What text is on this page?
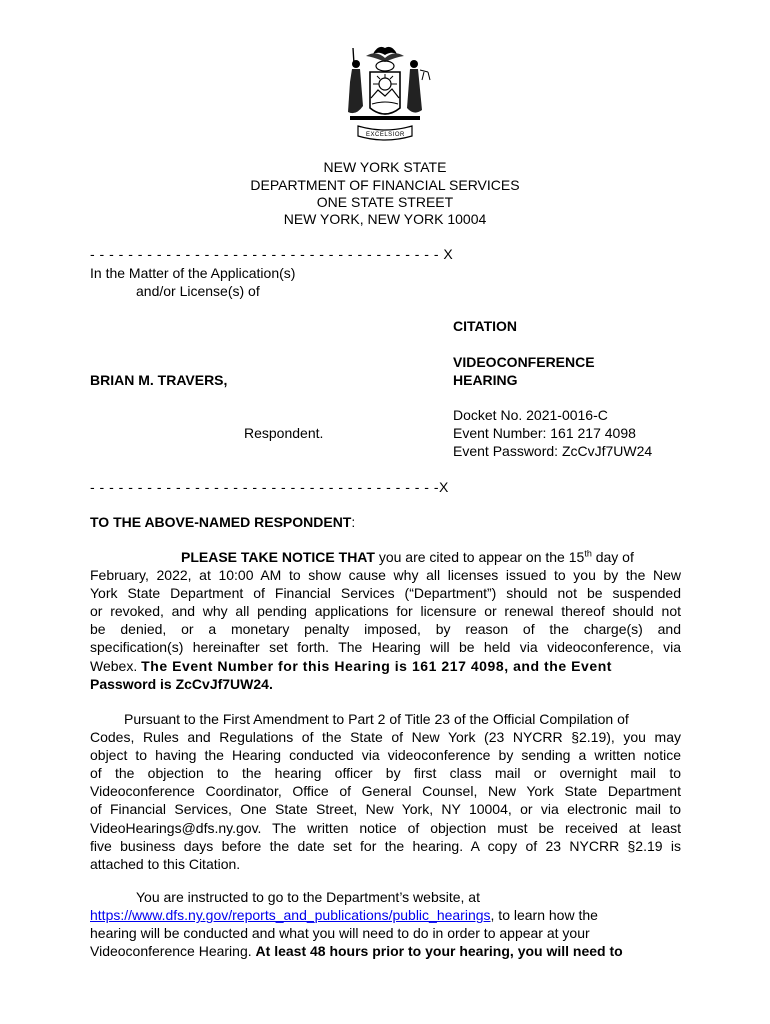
EXCELSIOR
NEW YORK STATE
DEPARTMENT OF FINANCIAL SERVICES
ONE STATE STREET
NEW YORK, NEW YORK 10004
- - - - - - - - - - - - - - - - - - - - - - - - - - - - - - - - - - - - - X
In the Matter of the Application(s)
and/or License(s) of
CITATION
VIDEOCONFERENCE
BRIAN M. TRAVERS,	HEARING
Docket No. 2021-0016-C
Respondent.	Event Number: 161 217 4098
Event Password: ZcCvJf7UW24
- - - - - - - - - - - - - - - - - - - - - - - - - - - - - - - - - - - - -X
TO THE ABOVE-NAMED RESPONDENT:
PLEASE TAKE NOTICE THAT you are cited to appear on the 15th day of
February, 2022, at 10:00 AM to show cause why all licenses issued to you by the New
York State Department of Financial Services (“Department”) should not be suspended
or revoked, and why all pending applications for licensure or renewal thereof should not
be denied, or a monetary penalty imposed, by reason of the charge(s) and
specification(s) hereinafter set forth. The Hearing will be held via videoconference, via
Webex. The Event Number for this Hearing is 161 217 4098, and the Event
Password is ZcCvJf7UW24.
Pursuant to the First Amendment to Part 2 of Title 23 of the Official Compilation of
Codes, Rules and Regulations of the State of New York (23 NYCRR §2.19), you may
object to having the Hearing conducted via videoconference by sending a written notice
of the objection to the hearing officer by first class mail or overnight mail to
Videoconference Coordinator, Office of General Counsel, New York State Department
of Financial Services, One State Street, New York, NY 10004, or via electronic mail to
VideoHearings@dfs.ny.gov. The written notice of objection must be received at least
five business days before the date set for the hearing. A copy of 23 NYCRR §2.19 is
attached to this Citation.
You are instructed to go to the Department’s website, at
https://www.dfs.ny.gov/reports_and_publications/public_hearings, to learn how the
hearing will be conducted and what you will need to do in order to appear at your
Videoconference Hearing. At least 48 hours prior to your hearing, you will need to
